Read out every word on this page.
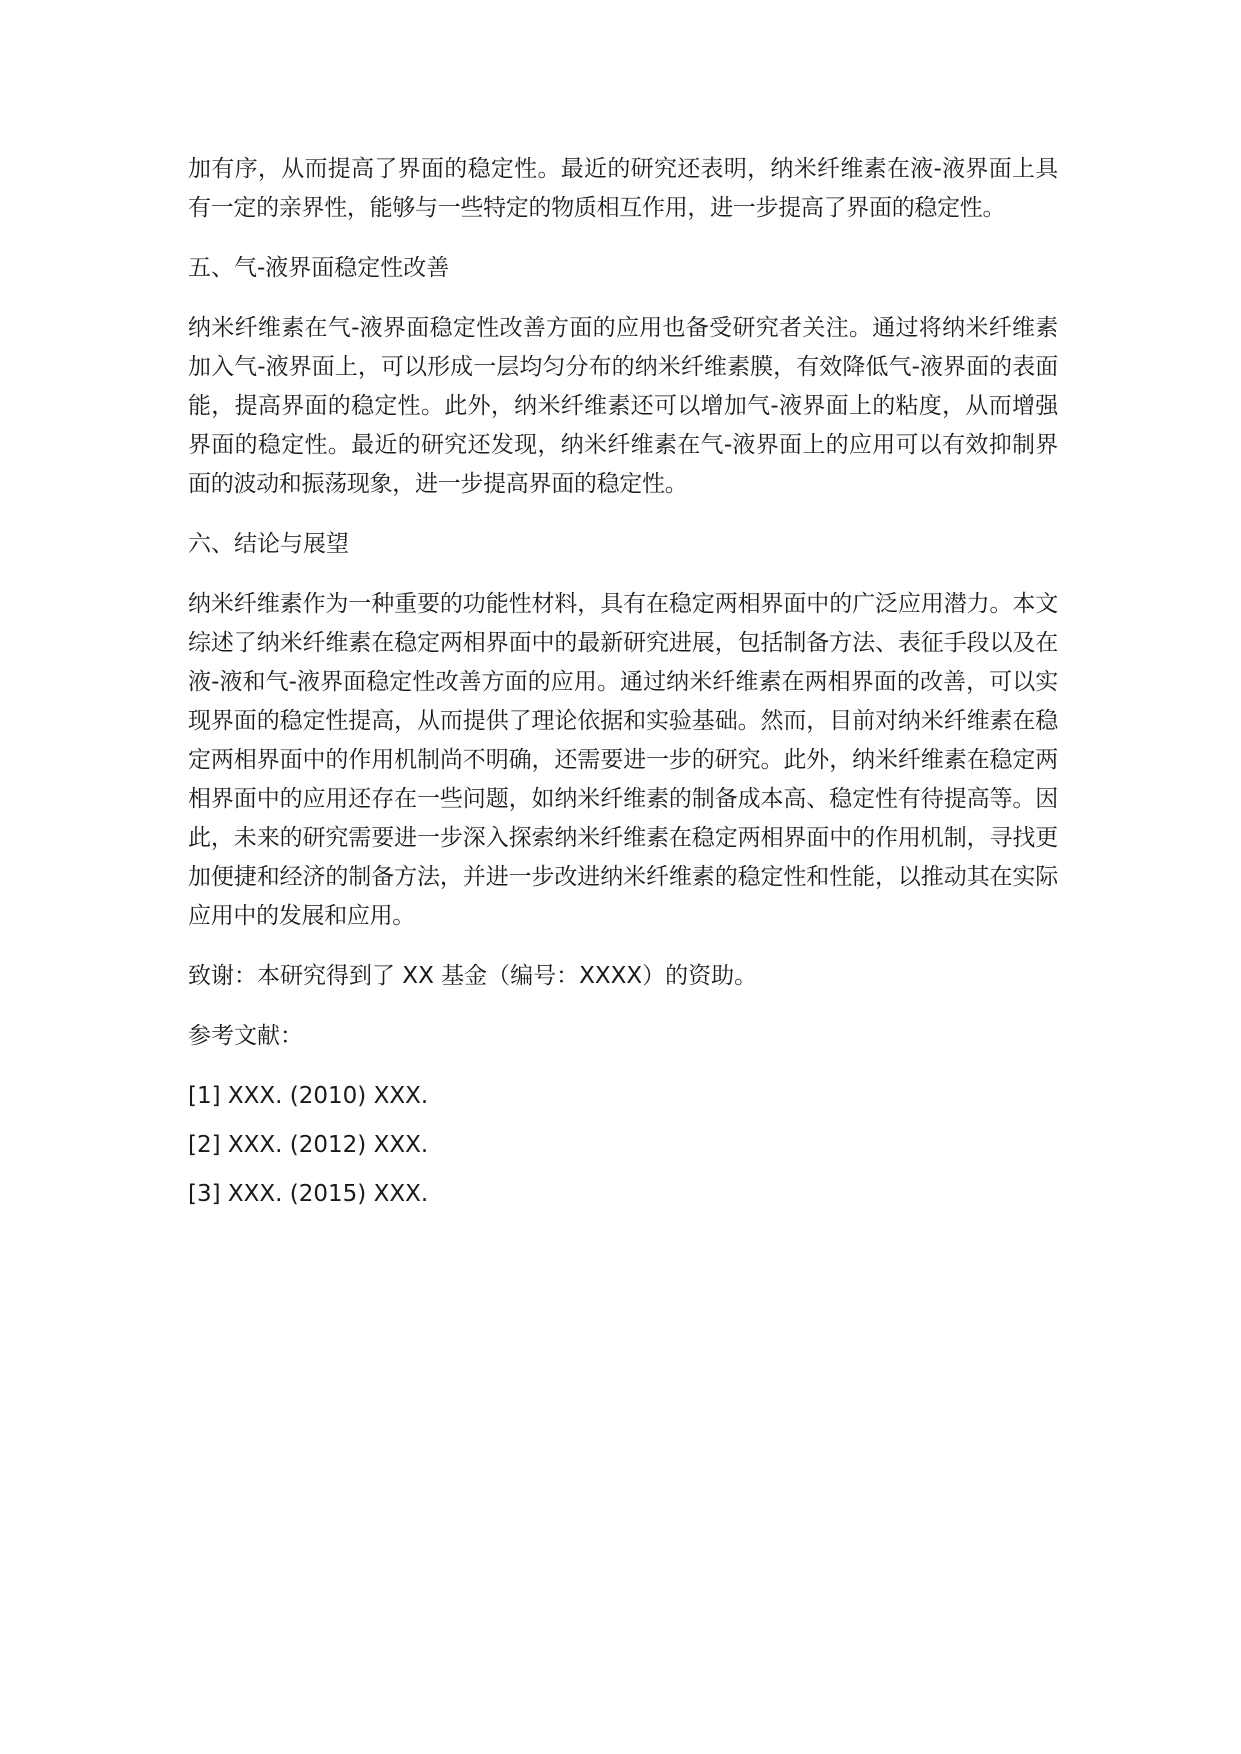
加有序，从而提高了界面的稳定性。最近的研究还表明，纳米纤维素在液-液界面上具有一定的亲界性，能够与一些特定的物质相互作用，进一步提高了界面的稳定性。

五、气-液界面稳定性改善

纳米纤维素在气-液界面稳定性改善方面的应用也备受研究者关注。通过将纳米纤维素加入气-液界面上，可以形成一层均匀分布的纳米纤维素膜，有效降低气-液界面的表面能，提高界面的稳定性。此外，纳米纤维素还可以增加气-液界面上的粘度，从而增强界面的稳定性。最近的研究还发现，纳米纤维素在气-液界面上的应用可以有效抑制界面的波动和振荡现象，进一步提高界面的稳定性。

六、结论与展望

纳米纤维素作为一种重要的功能性材料，具有在稳定两相界面中的广泛应用潜力。本文综述了纳米纤维素在稳定两相界面中的最新研究进展，包括制备方法、表征手段以及在液-液和气-液界面稳定性改善方面的应用。通过纳米纤维素在两相界面的改善，可以实现界面的稳定性提高，从而提供了理论依据和实验基础。然而，目前对纳米纤维素在稳定两相界面中的作用机制尚不明确，还需要进一步的研究。此外，纳米纤维素在稳定两相界面中的应用还存在一些问题，如纳米纤维素的制备成本高、稳定性有待提高等。因此，未来的研究需要进一步深入探索纳米纤维素在稳定两相界面中的作用机制，寻找更加便捷和经济的制备方法，并进一步改进纳米纤维素的稳定性和性能，以推动其在实际应用中的发展和应用。

致谢：本研究得到了 XX 基金（编号：XXXX）的资助。

参考文献：

[1] XXX. (2010) XXX.

[2] XXX. (2012) XXX.

[3] XXX. (2015) XXX.
